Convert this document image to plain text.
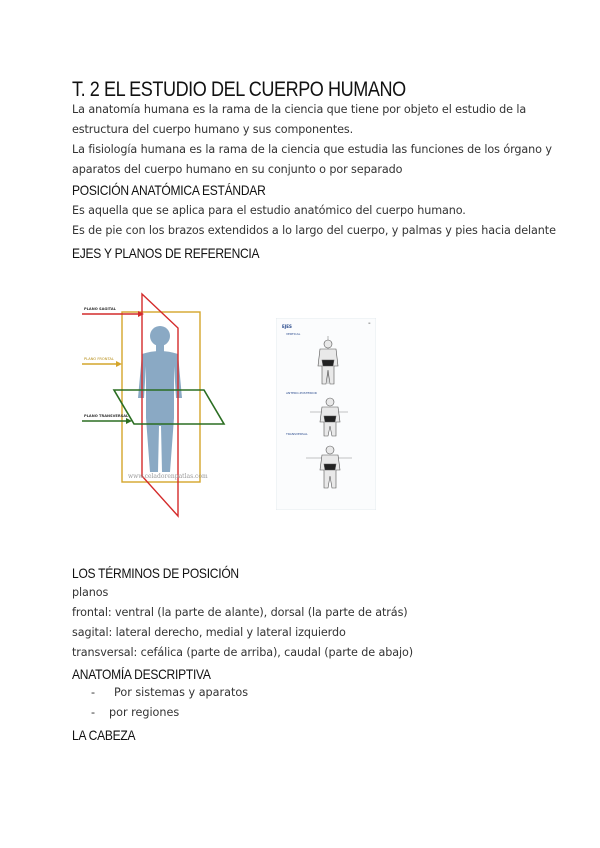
T. 2 EL ESTUDIO DEL CUERPO HUMANO
La anatomía humana es la rama de la ciencia que tiene por objeto el estudio de la
estructura del cuerpo humano y sus componentes.
La fisiología humana es la rama de la ciencia que estudia las funciones de los órgano y
aparatos del cuerpo humano en su conjunto o por separado
POSICIÓN ANATÓMICA ESTÁNDAR
Es aquella que se aplica para el estudio anatómico del cuerpo humano.
Es de pie con los brazos extendidos a lo largo del cuerpo, y palmas y pies hacia delante
EJES Y PLANOS DE REFERENCIA
PLANO SAGITAL
PLANO FRONTAL
PLANO TRANSVERSAL
www.celadorenpatlas.com
EJES
≡
VERTICAL
ANTERO-POSTERIOR
TRANSVERSAL
LOS TÉRMINOS DE POSICIÓN
planos
frontal: ventral (la parte de alante), dorsal (la parte de atrás)
sagital: lateral derecho, medial y lateral izquierdo
transversal: cefálica (parte de arriba), caudal (parte de abajo)
ANATOMÍA DESCRIPTIVA
- Por sistemas y aparatos
- por regiones
LA CABEZA
